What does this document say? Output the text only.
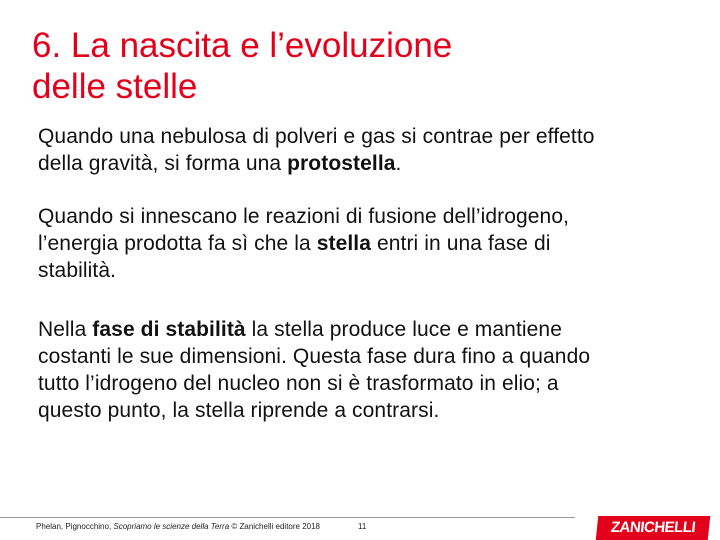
6. La nascita e l’evoluzione
delle stelle
Quando una nebulosa di polveri e gas si contrae per effetto
della gravità, si forma una protostella.
Quando si innescano le reazioni di fusione dell’idrogeno,
l’energia prodotta fa sì che la stella entri in una fase di
stabilità.
Nella fase di stabilità la stella produce luce e mantiene
costanti le sue dimensioni. Questa fase dura fino a quando
tutto l’idrogeno del nucleo non si è trasformato in elio; a
questo punto, la stella riprende a contrarsi.
Phelan, Pignocchino, Scopriamo le scienze della Terra © Zanichelli editore 2018	11	ZANICHELLI
